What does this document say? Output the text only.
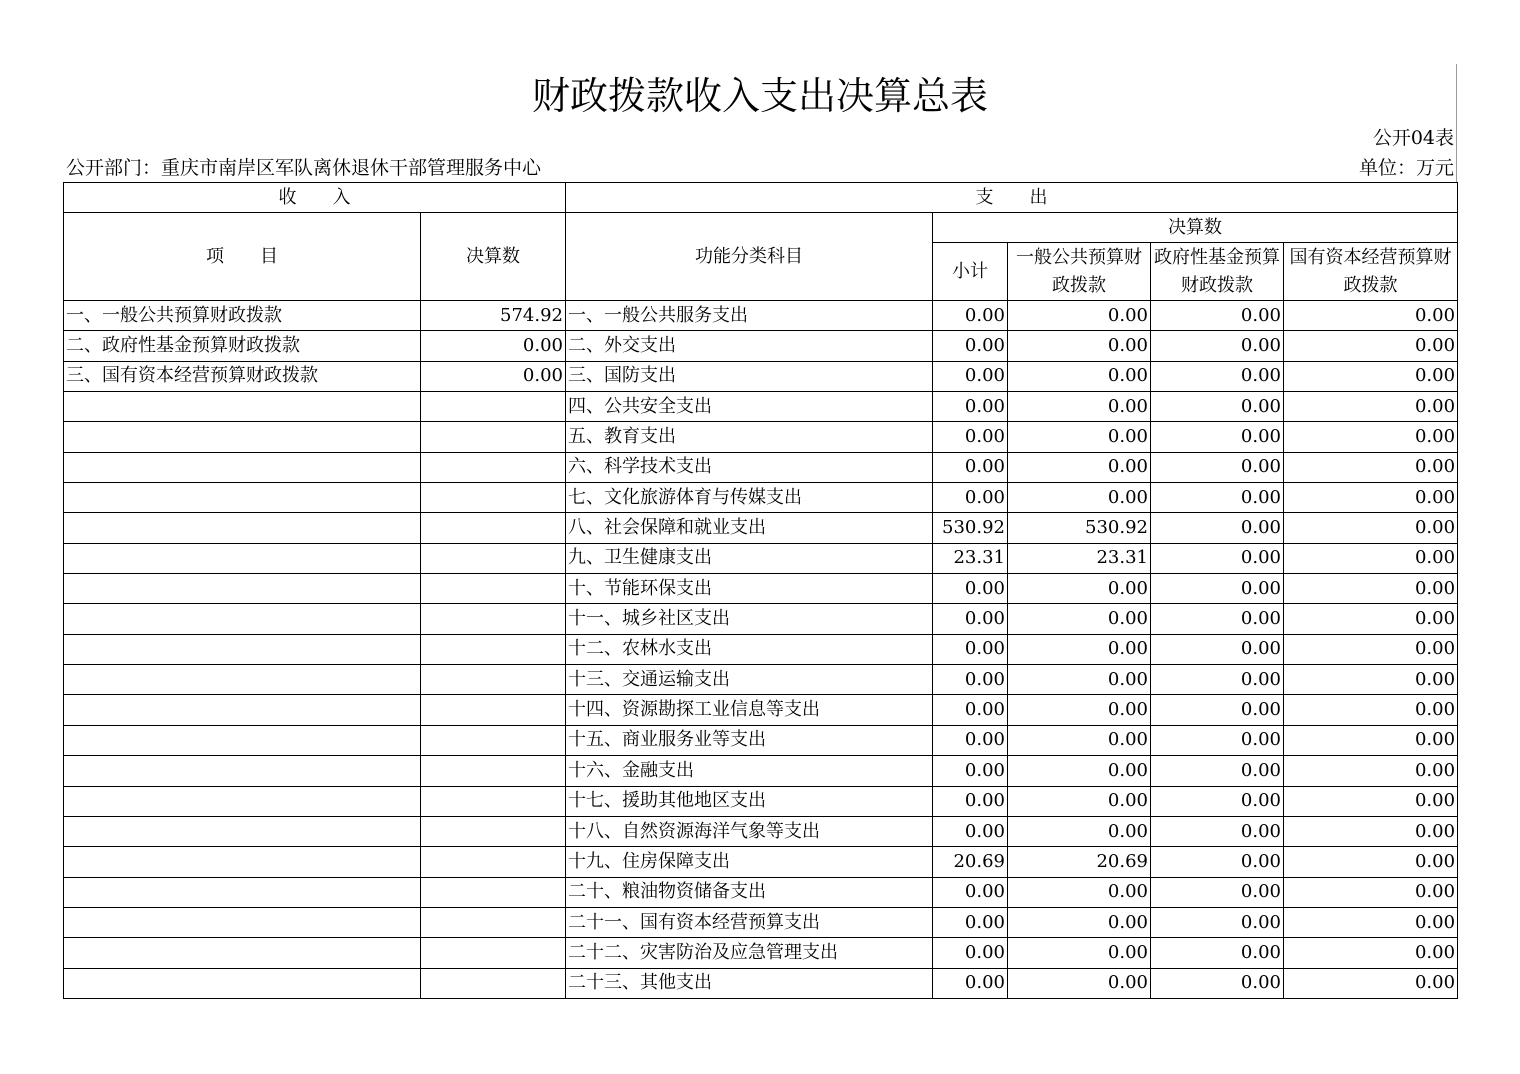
财政拨款收入支出决算总表
公开04表
公开部门：重庆市南岸区军队离休退休干部管理服务中心	单位：万元
收　　入		支　　出				
项　　目	决算数	功能分类科目	决算数			
			小计	一般公共预算财政拨款	政府性基金预算财政拨款	国有资本经营预算财政拨款
一、一般公共预算财政拨款	574.92	一、一般公共服务支出	0.00	0.00	0.00	0.00
二、政府性基金预算财政拨款	0.00	二、外交支出	0.00	0.00	0.00	0.00
三、国有资本经营预算财政拨款	0.00	三、国防支出	0.00	0.00	0.00	0.00
		四、公共安全支出	0.00	0.00	0.00	0.00
		五、教育支出	0.00	0.00	0.00	0.00
		六、科学技术支出	0.00	0.00	0.00	0.00
		七、文化旅游体育与传媒支出	0.00	0.00	0.00	0.00
		八、社会保障和就业支出	530.92	530.92	0.00	0.00
		九、卫生健康支出	23.31	23.31	0.00	0.00
		十、节能环保支出	0.00	0.00	0.00	0.00
		十一、城乡社区支出	0.00	0.00	0.00	0.00
		十二、农林水支出	0.00	0.00	0.00	0.00
		十三、交通运输支出	0.00	0.00	0.00	0.00
		十四、资源勘探工业信息等支出	0.00	0.00	0.00	0.00
		十五、商业服务业等支出	0.00	0.00	0.00	0.00
		十六、金融支出	0.00	0.00	0.00	0.00
		十七、援助其他地区支出	0.00	0.00	0.00	0.00
		十八、自然资源海洋气象等支出	0.00	0.00	0.00	0.00
		十九、住房保障支出	20.69	20.69	0.00	0.00
		二十、粮油物资储备支出	0.00	0.00	0.00	0.00
		二十一、国有资本经营预算支出	0.00	0.00	0.00	0.00
		二十二、灾害防治及应急管理支出	0.00	0.00	0.00	0.00
		二十三、其他支出	0.00	0.00	0.00	0.00
